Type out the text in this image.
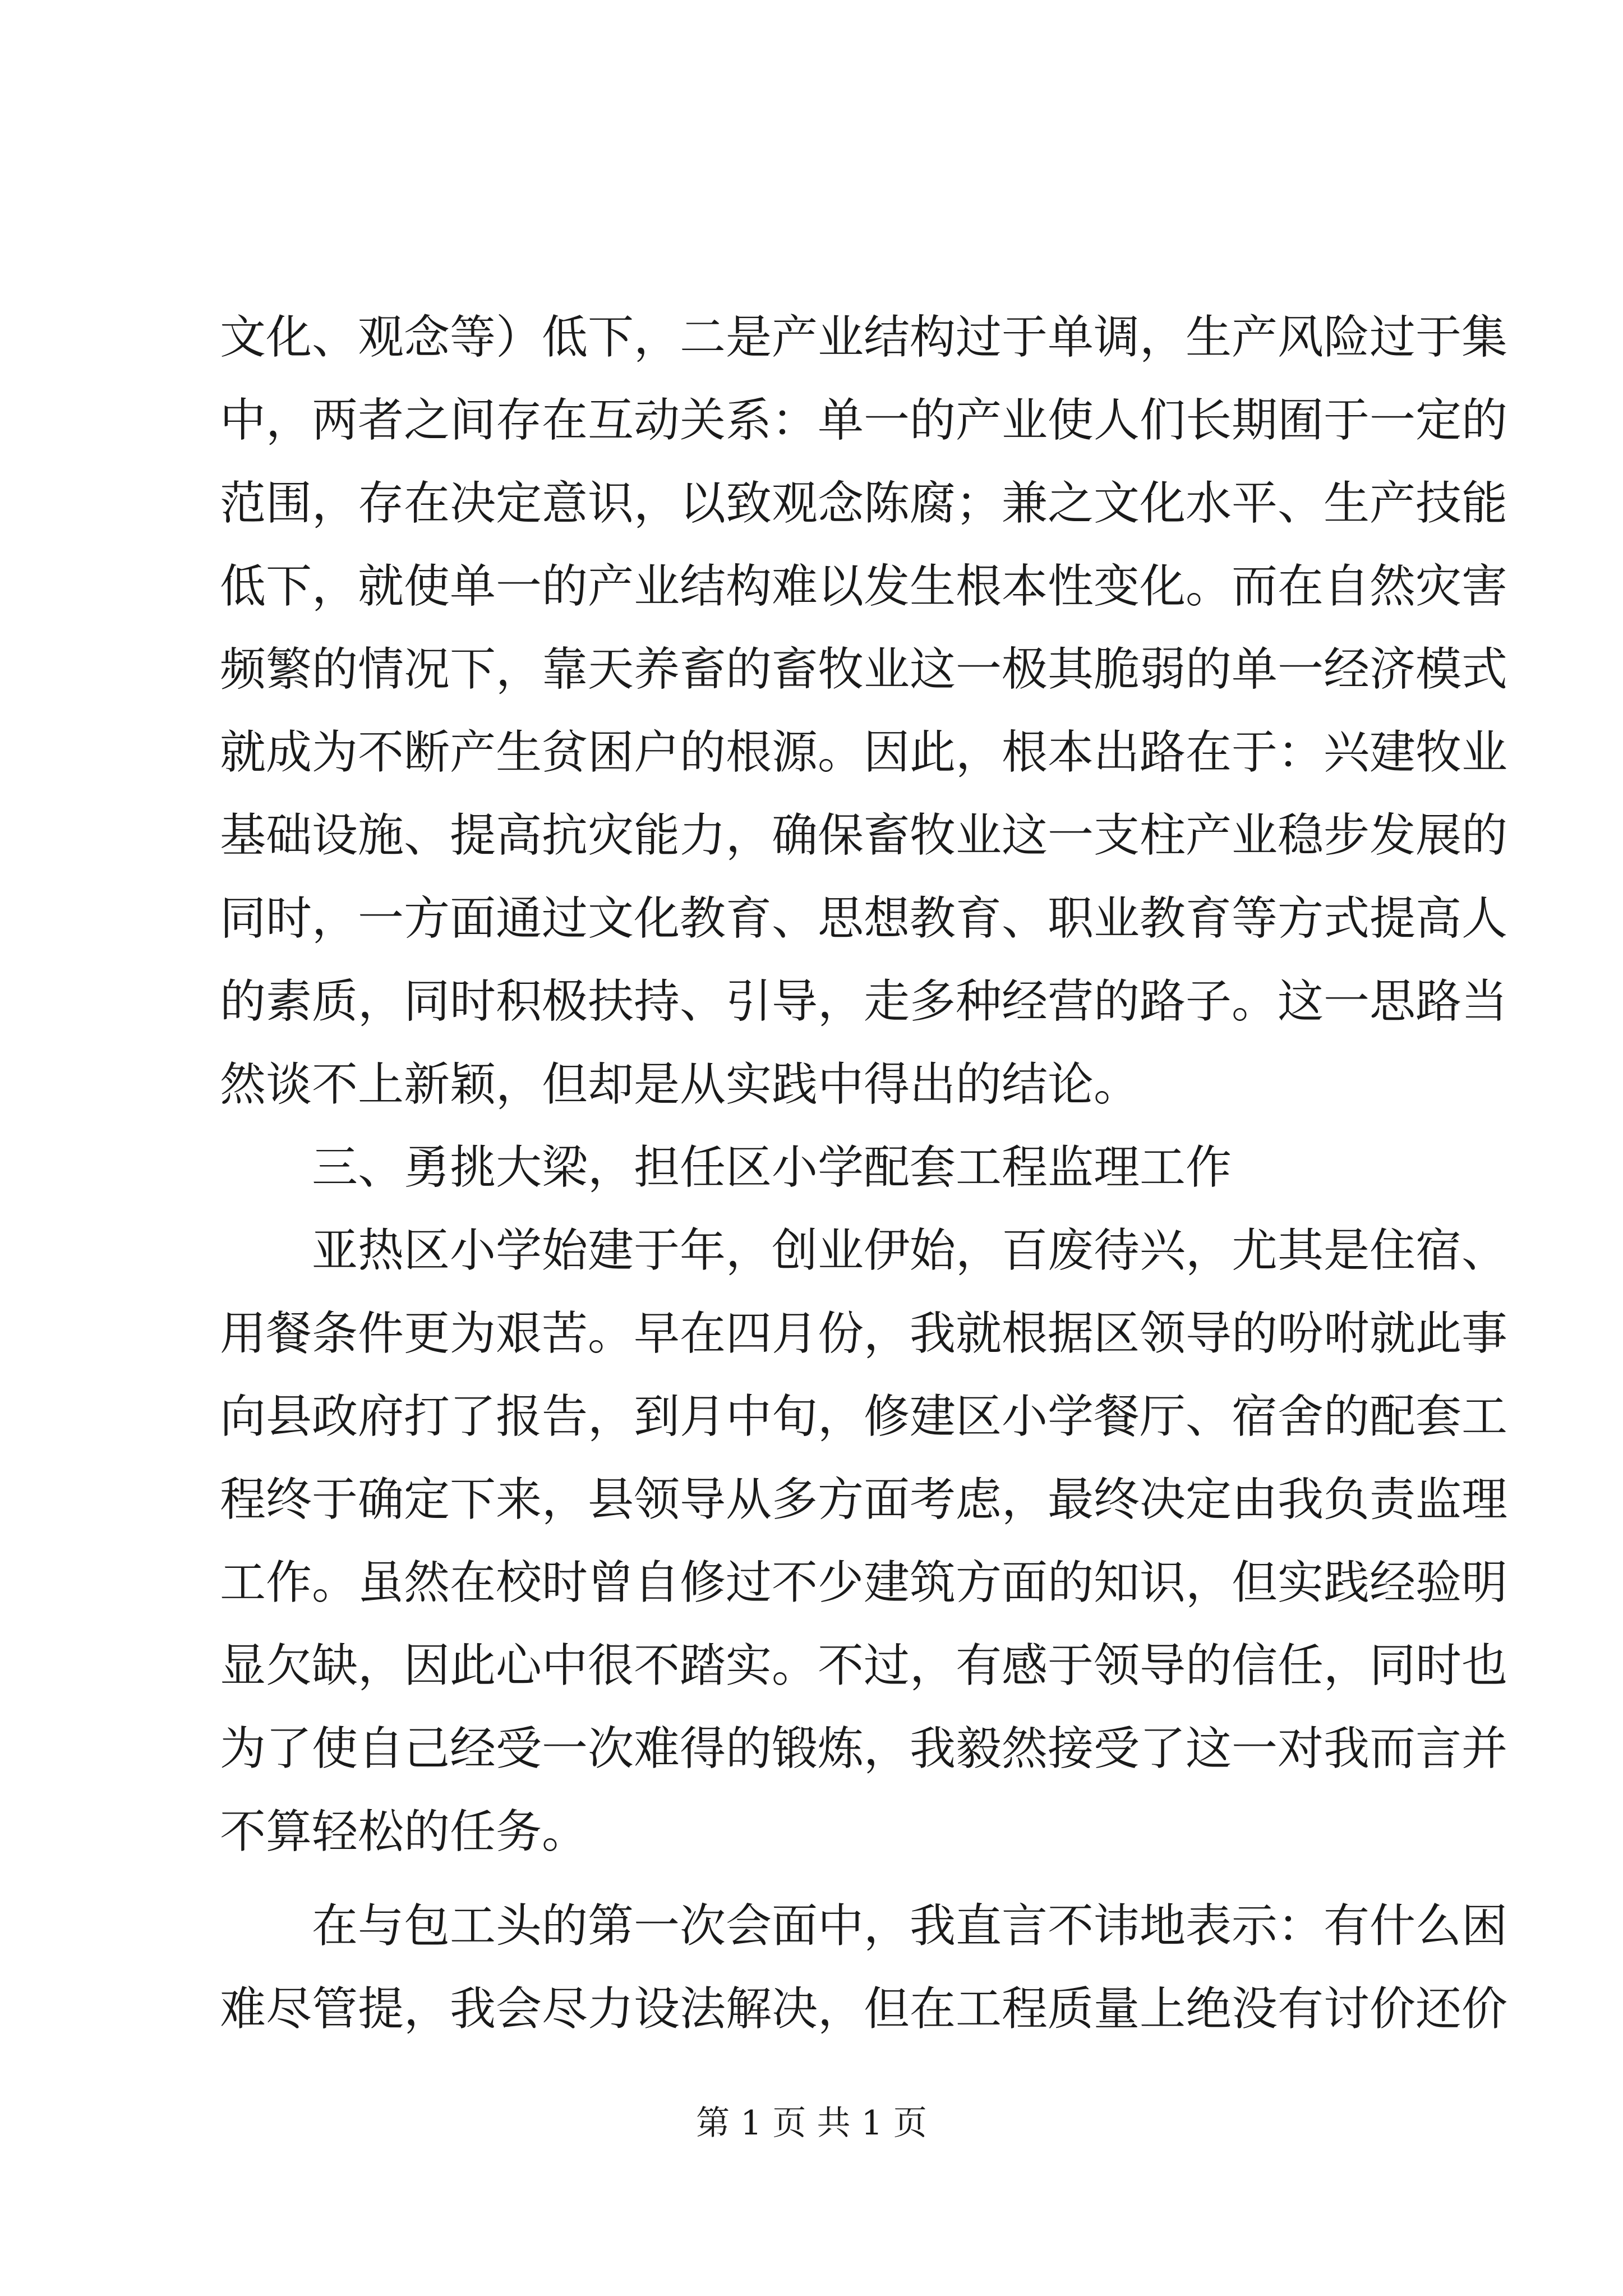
文化、观念等）低下，二是产业结构过于单调，生产风险过于集
中，两者之间存在互动关系：单一的产业使人们长期囿于一定的
范围，存在决定意识，以致观念陈腐；兼之文化水平、生产技能
低下，就使单一的产业结构难以发生根本性变化。而在自然灾害
频繁的情况下，靠天养畜的畜牧业这一极其脆弱的单一经济模式
就成为不断产生贫困户的根源。因此，根本出路在于：兴建牧业
基础设施、提高抗灾能力，确保畜牧业这一支柱产业稳步发展的
同时，一方面通过文化教育、思想教育、职业教育等方式提高人
的素质，同时积极扶持、引导，走多种经营的路子。这一思路当
然谈不上新颖，但却是从实践中得出的结论。
三、勇挑大梁，担任区小学配套工程监理工作
亚热区小学始建于年，创业伊始，百废待兴，尤其是住宿、
用餐条件更为艰苦。早在四月份，我就根据区领导的吩咐就此事
向县政府打了报告，到月中旬，修建区小学餐厅、宿舍的配套工
程终于确定下来，县领导从多方面考虑，最终决定由我负责监理
工作。虽然在校时曾自修过不少建筑方面的知识，但实践经验明
显欠缺，因此心中很不踏实。不过，有感于领导的信任，同时也
为了使自己经受一次难得的锻炼，我毅然接受了这一对我而言并
不算轻松的任务。
在与包工头的第一次会面中，我直言不讳地表示：有什么困
难尽管提，我会尽力设法解决，但在工程质量上绝没有讨价还价
第 1 页 共 1 页
